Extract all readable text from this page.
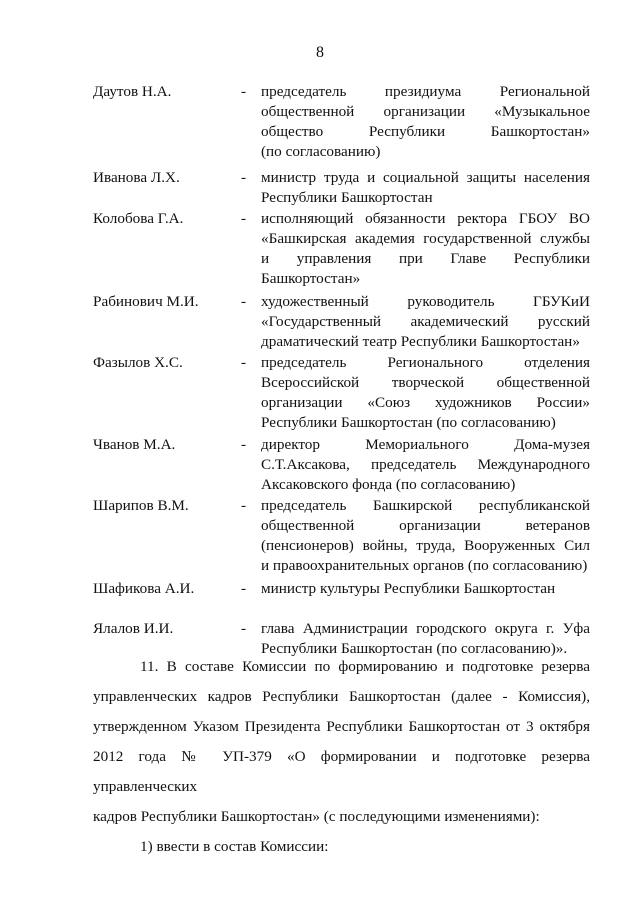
8
Даутов Н.А.	- председатель президиума Региональной
общественной организации «Музыкальное
общество Республики Башкортостан»
(по согласованию)
Иванова Л.Х.	- министр труда и социальной защиты населения
Республики Башкортостан
Колобова Г.А.	- исполняющий обязанности ректора ГБОУ ВО
«Башкирская академия государственной службы
и управления при Главе Республики
Башкортостан»
Рабинович М.И.	- художественный руководитель ГБУКиИ
«Государственный академический русский
драматический театр Республики Башкортостан»
Фазылов Х.С.	- председатель Регионального отделения
Всероссийской творческой общественной
организации «Союз художников России»
Республики Башкортостан (по согласованию)
Чванов М.А.	- директор Мемориального Дома-музея
С.Т.Аксакова, председатель Международного
Аксаковского фонда (по согласованию)
Шарипов В.М.	- председатель Башкирской республиканской
общественной организации ветеранов
(пенсионеров) войны, труда, Вооруженных Сил
и правоохранительных органов (по согласованию)
Шафикова А.И.	- министр культуры Республики Башкортостан
Ялалов И.И.	- глава Администрации городского округа г. Уфа
Республики Башкортостан (по согласованию)».
11. В составе Комиссии по формированию и подготовке резерва
управленческих кадров Республики Башкортостан (далее - Комиссия),
утвержденном Указом Президента Республики Башкортостан от 3 октября
2012 года № УП-379 «О формировании и подготовке резерва управленческих
кадров Республики Башкортостан» (с последующими изменениями):
1) ввести в состав Комиссии:
